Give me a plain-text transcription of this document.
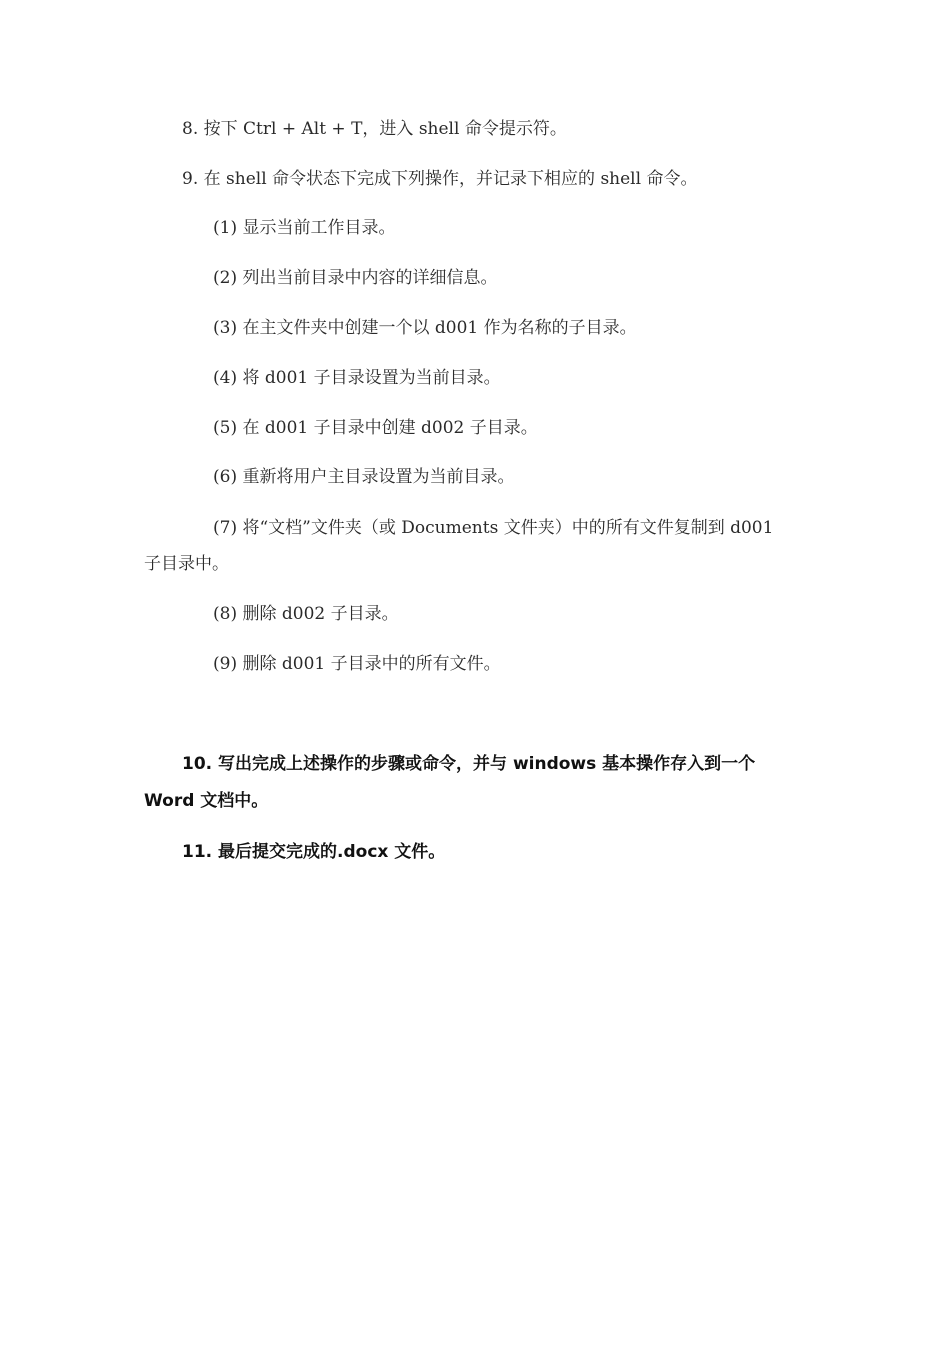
8. 按下 Ctrl + Alt + T，进入 shell 命令提示符。
9. 在 shell 命令状态下完成下列操作，并记录下相应的 shell 命令。
(1) 显示当前工作目录。
(2) 列出当前目录中内容的详细信息。
(3) 在主文件夹中创建一个以 d001 作为名称的子目录。
(4) 将 d001 子目录设置为当前目录。
(5) 在 d001 子目录中创建 d002 子目录。
(6) 重新将用户主目录设置为当前目录。
(7) 将“文档”文件夹（或 Documents 文件夹）中的所有文件复制到 d001
子目录中。
(8) 删除 d002 子目录。
(9) 删除 d001 子目录中的所有文件。
10. 写出完成上述操作的步骤或命令，并与 windows 基本操作存入到一个
Word 文档中。
11. 最后提交完成的.docx 文件。
